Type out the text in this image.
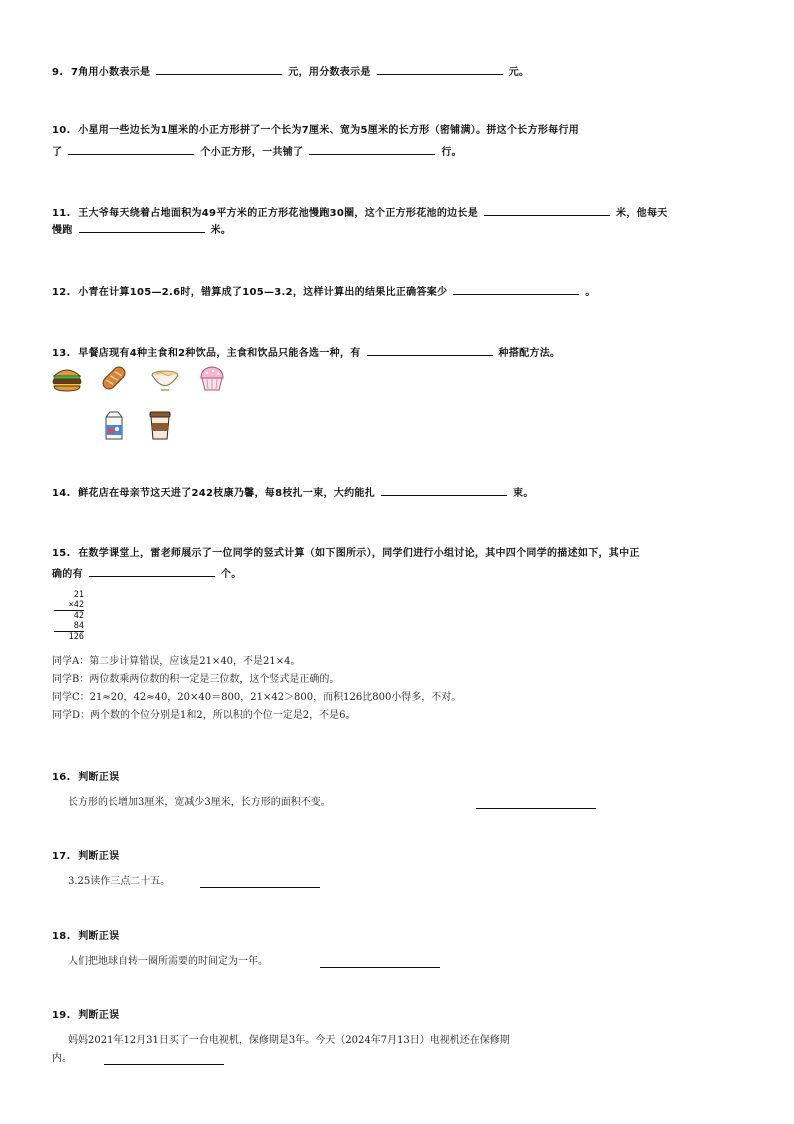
9. 7角用小数表示是	元，用分数表示是	元。
10. 小星用一些边长为1厘米的小正方形拼了一个长为7厘米、宽为5厘米的长方形（密铺满）。拼这个长方形每行用
了	个小正方形，一共铺了	行。
11. 王大爷每天绕着占地面积为49平方米的正方形花池慢跑30圈，这个正方形花池的边长是	米，他每天
慢跑	米。
12. 小青在计算105—2.6时，错算成了105—3.2，这样计算出的结果比正确答案少	。
13. 早餐店现有4种主食和2种饮品，主食和饮品只能各选一种，有	种搭配方法。
14. 鲜花店在母亲节这天进了242枝康乃馨，每8枝扎一束，大约能扎	束。
15. 在数学课堂上，雷老师展示了一位同学的竖式计算（如下图所示），同学们进行小组讨论，其中四个同学的描述如下，其中正
确的有	个。
21
×42
42
84
126
同学A：第二步计算错误，应该是21×40，不是21×4。
同学B：两位数乘两位数的积一定是三位数，这个竖式是正确的。
同学C：21≈20，42≈40，20×40＝800，21×42＞800，而积126比800小得多，不对。
同学D：两个数的个位分别是1和2，所以积的个位一定是2，不是6。
16. 判断正误
长方形的长增加3厘米，宽减少3厘米，长方形的面积不变。
17. 判断正误
3.25读作三点二十五。
18. 判断正误
人们把地球自转一圈所需要的时间定为一年。
19. 判断正误
妈妈2021年12月31日买了一台电视机，保修期是3年。今天（2024年7月13日）电视机还在保修期
内。
